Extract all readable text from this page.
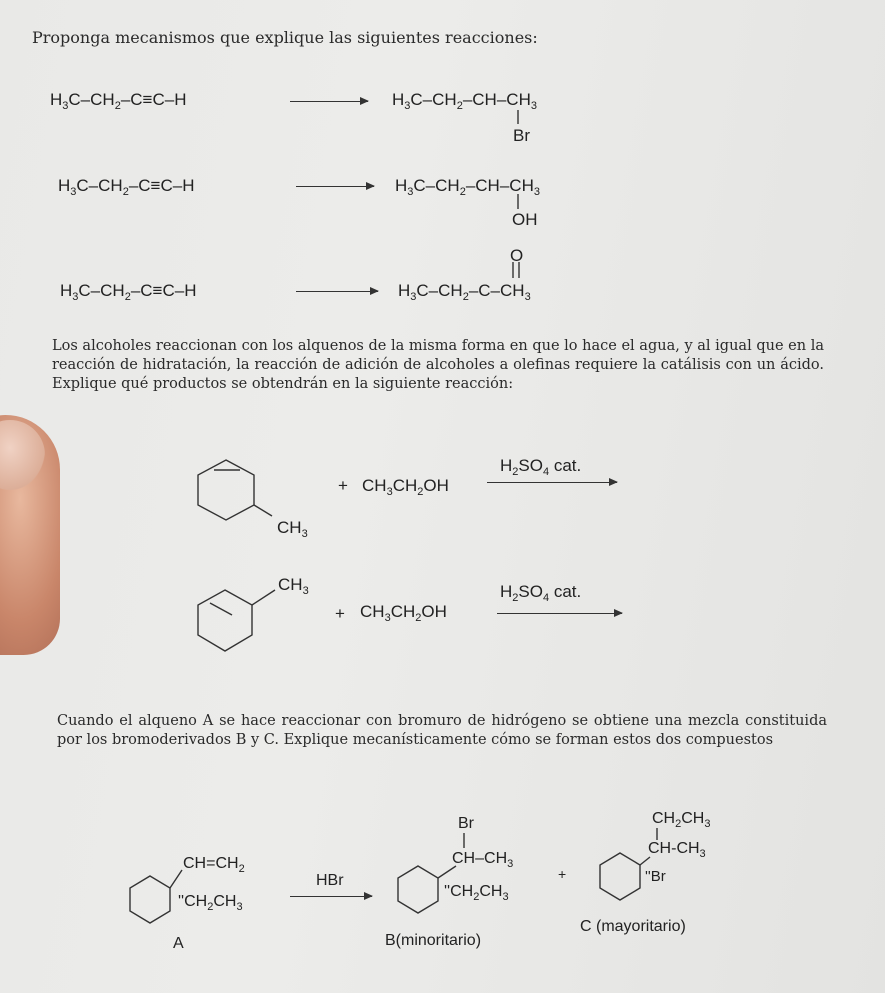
Proponga mecanismos que explique las siguientes reacciones:
$H_3C-CH_2-C\equiv C-H$	$H_3C-CH_2-CH-CH_3$
Br
$H_3C-CH_2-C\equiv C-H$	$H_3C-CH_2-CH-CH_3$
OH
$H_3C-CH_2-C\equiv C-H$	$H_3C-CH_2-C-CH_3$
O
Los alcoholes reaccionan con los alquenos de la misma forma en que lo hace el agua, y al igual que en la reacción de hidratación, la reacción de adición de alcoholes a olefinas requiere la catálisis con un ácido. Explique qué productos se obtendrán en la siguiente reacción:
+ $CH_3CH_2OH$
$H_2SO_4$ cat.
$CH_3$
$CH_3$
+ $CH_3CH_2OH$
$H_2SO_4$ cat.
Cuando el alqueno A se hace reaccionar con bromuro de hidrógeno se obtiene una mezcla constituida por los bromoderivados B y C. Explique mecanísticamente cómo se forman estos dos compuestos
$CH=CH_2$
''$CH_2CH_3$
A
HBr
Br
$CH-CH_3$
''$CH_2CH_3$
B(minoritario)
+
$CH_2CH_3$
$CH-CH_3$
''Br
C (mayoritario)
